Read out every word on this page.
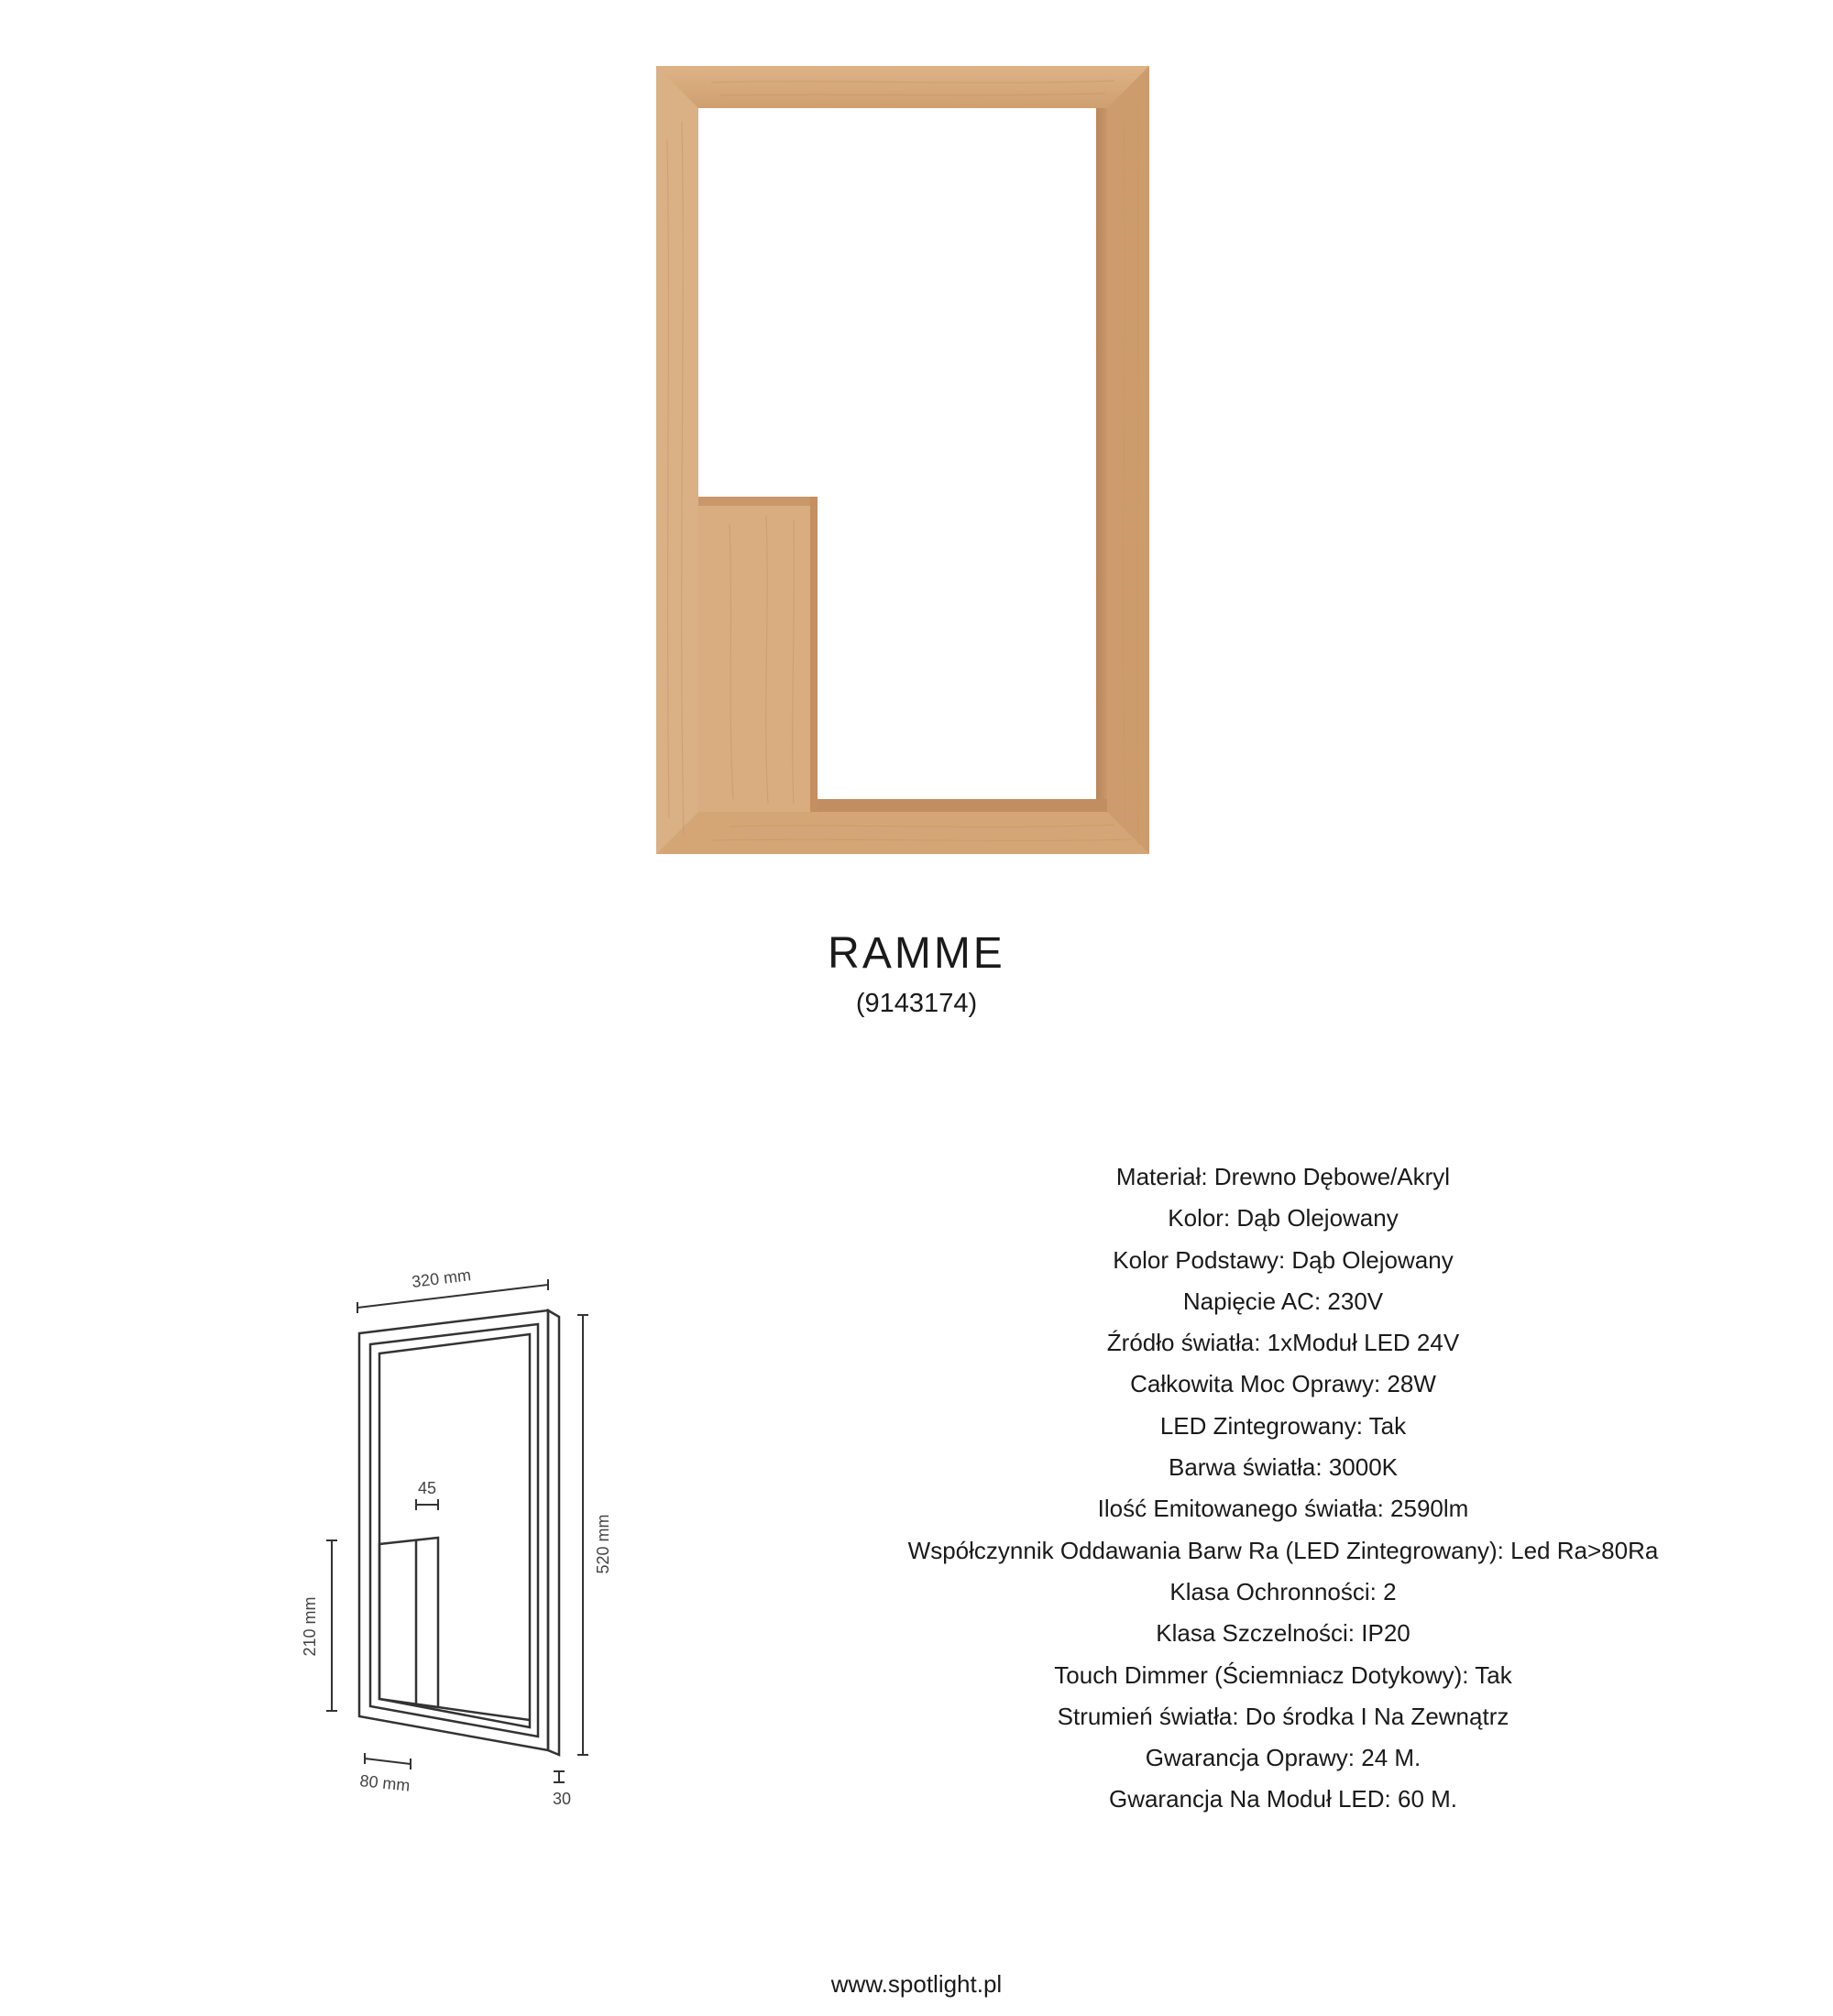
RAMME
(9143174)
320 mm
520 mm
210 mm
45
80 mm
30
Materiał: Drewno Dębowe/Akryl
Kolor: Dąb Olejowany
Kolor Podstawy: Dąb Olejowany
Napięcie AC: 230V
Źródło światła: 1xModuł LED 24V
Całkowita Moc Oprawy: 28W
LED Zintegrowany: Tak
Barwa światła: 3000K
Ilość Emitowanego światła: 2590lm
Współczynnik Oddawania Barw Ra (LED Zintegrowany): Led Ra>80Ra
Klasa Ochronności: 2
Klasa Szczelności: IP20
Touch Dimmer (Ściemniacz Dotykowy): Tak
Strumień światła: Do środka I Na Zewnątrz
Gwarancja Oprawy: 24 M.
Gwarancja Na Moduł LED: 60 M.
www.spotlight.pl
